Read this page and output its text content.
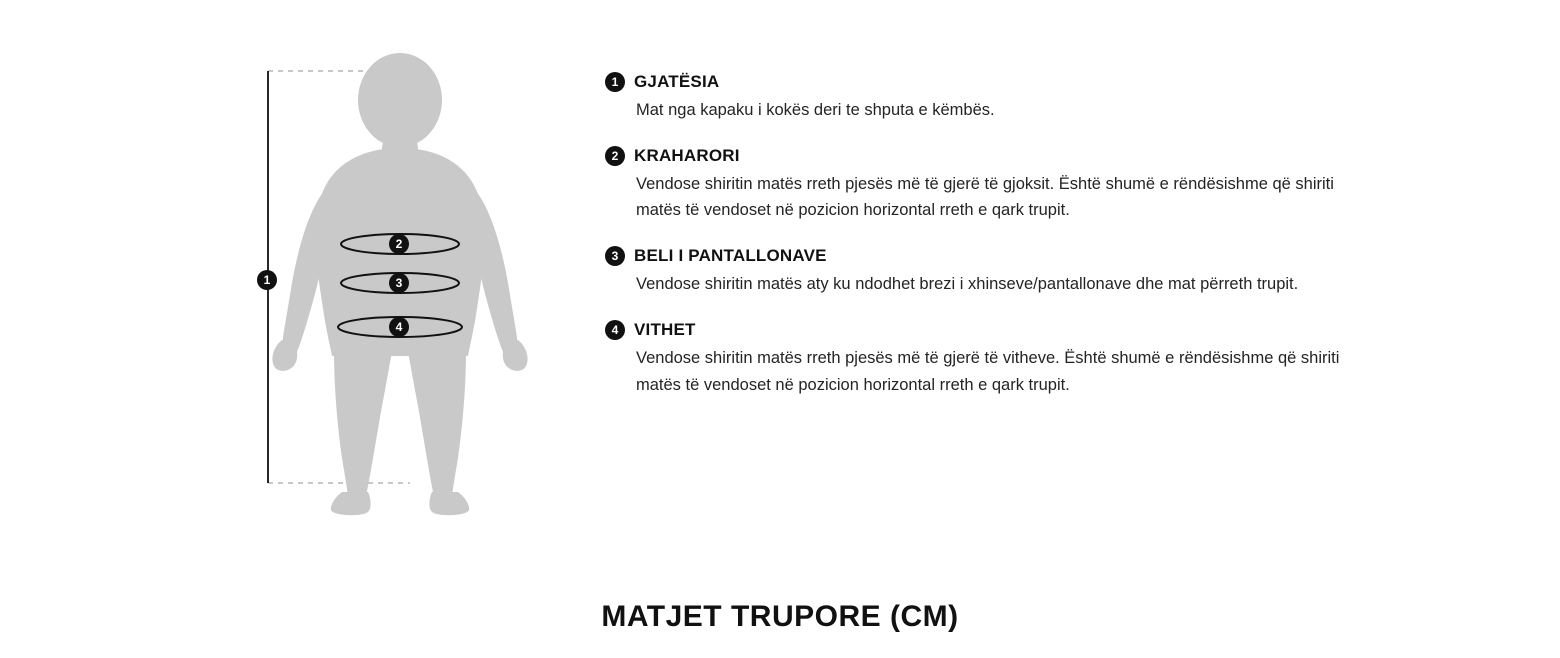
1
2
3
4
1 GJATËSIA
Mat nga kapaku i kokës deri te shputa e këmbës.
2 KRAHARORI
Vendose shiritin matës rreth pjesës më të gjerë të gjoksit. Është shumë e rëndësishme që shiriti matës të vendoset në pozicion horizontal rreth e qark trupit.
3 BELI I PANTALLONAVE
Vendose shiritin matës aty ku ndodhet brezi i xhinseve/pantallonave dhe mat përreth trupit.
4 VITHET
Vendose shiritin matës rreth pjesës më të gjerë të vitheve. Është shumë e rëndësishme që shiriti matës të vendoset në pozicion horizontal rreth e qark trupit.
MATJET TRUPORE (CM)
